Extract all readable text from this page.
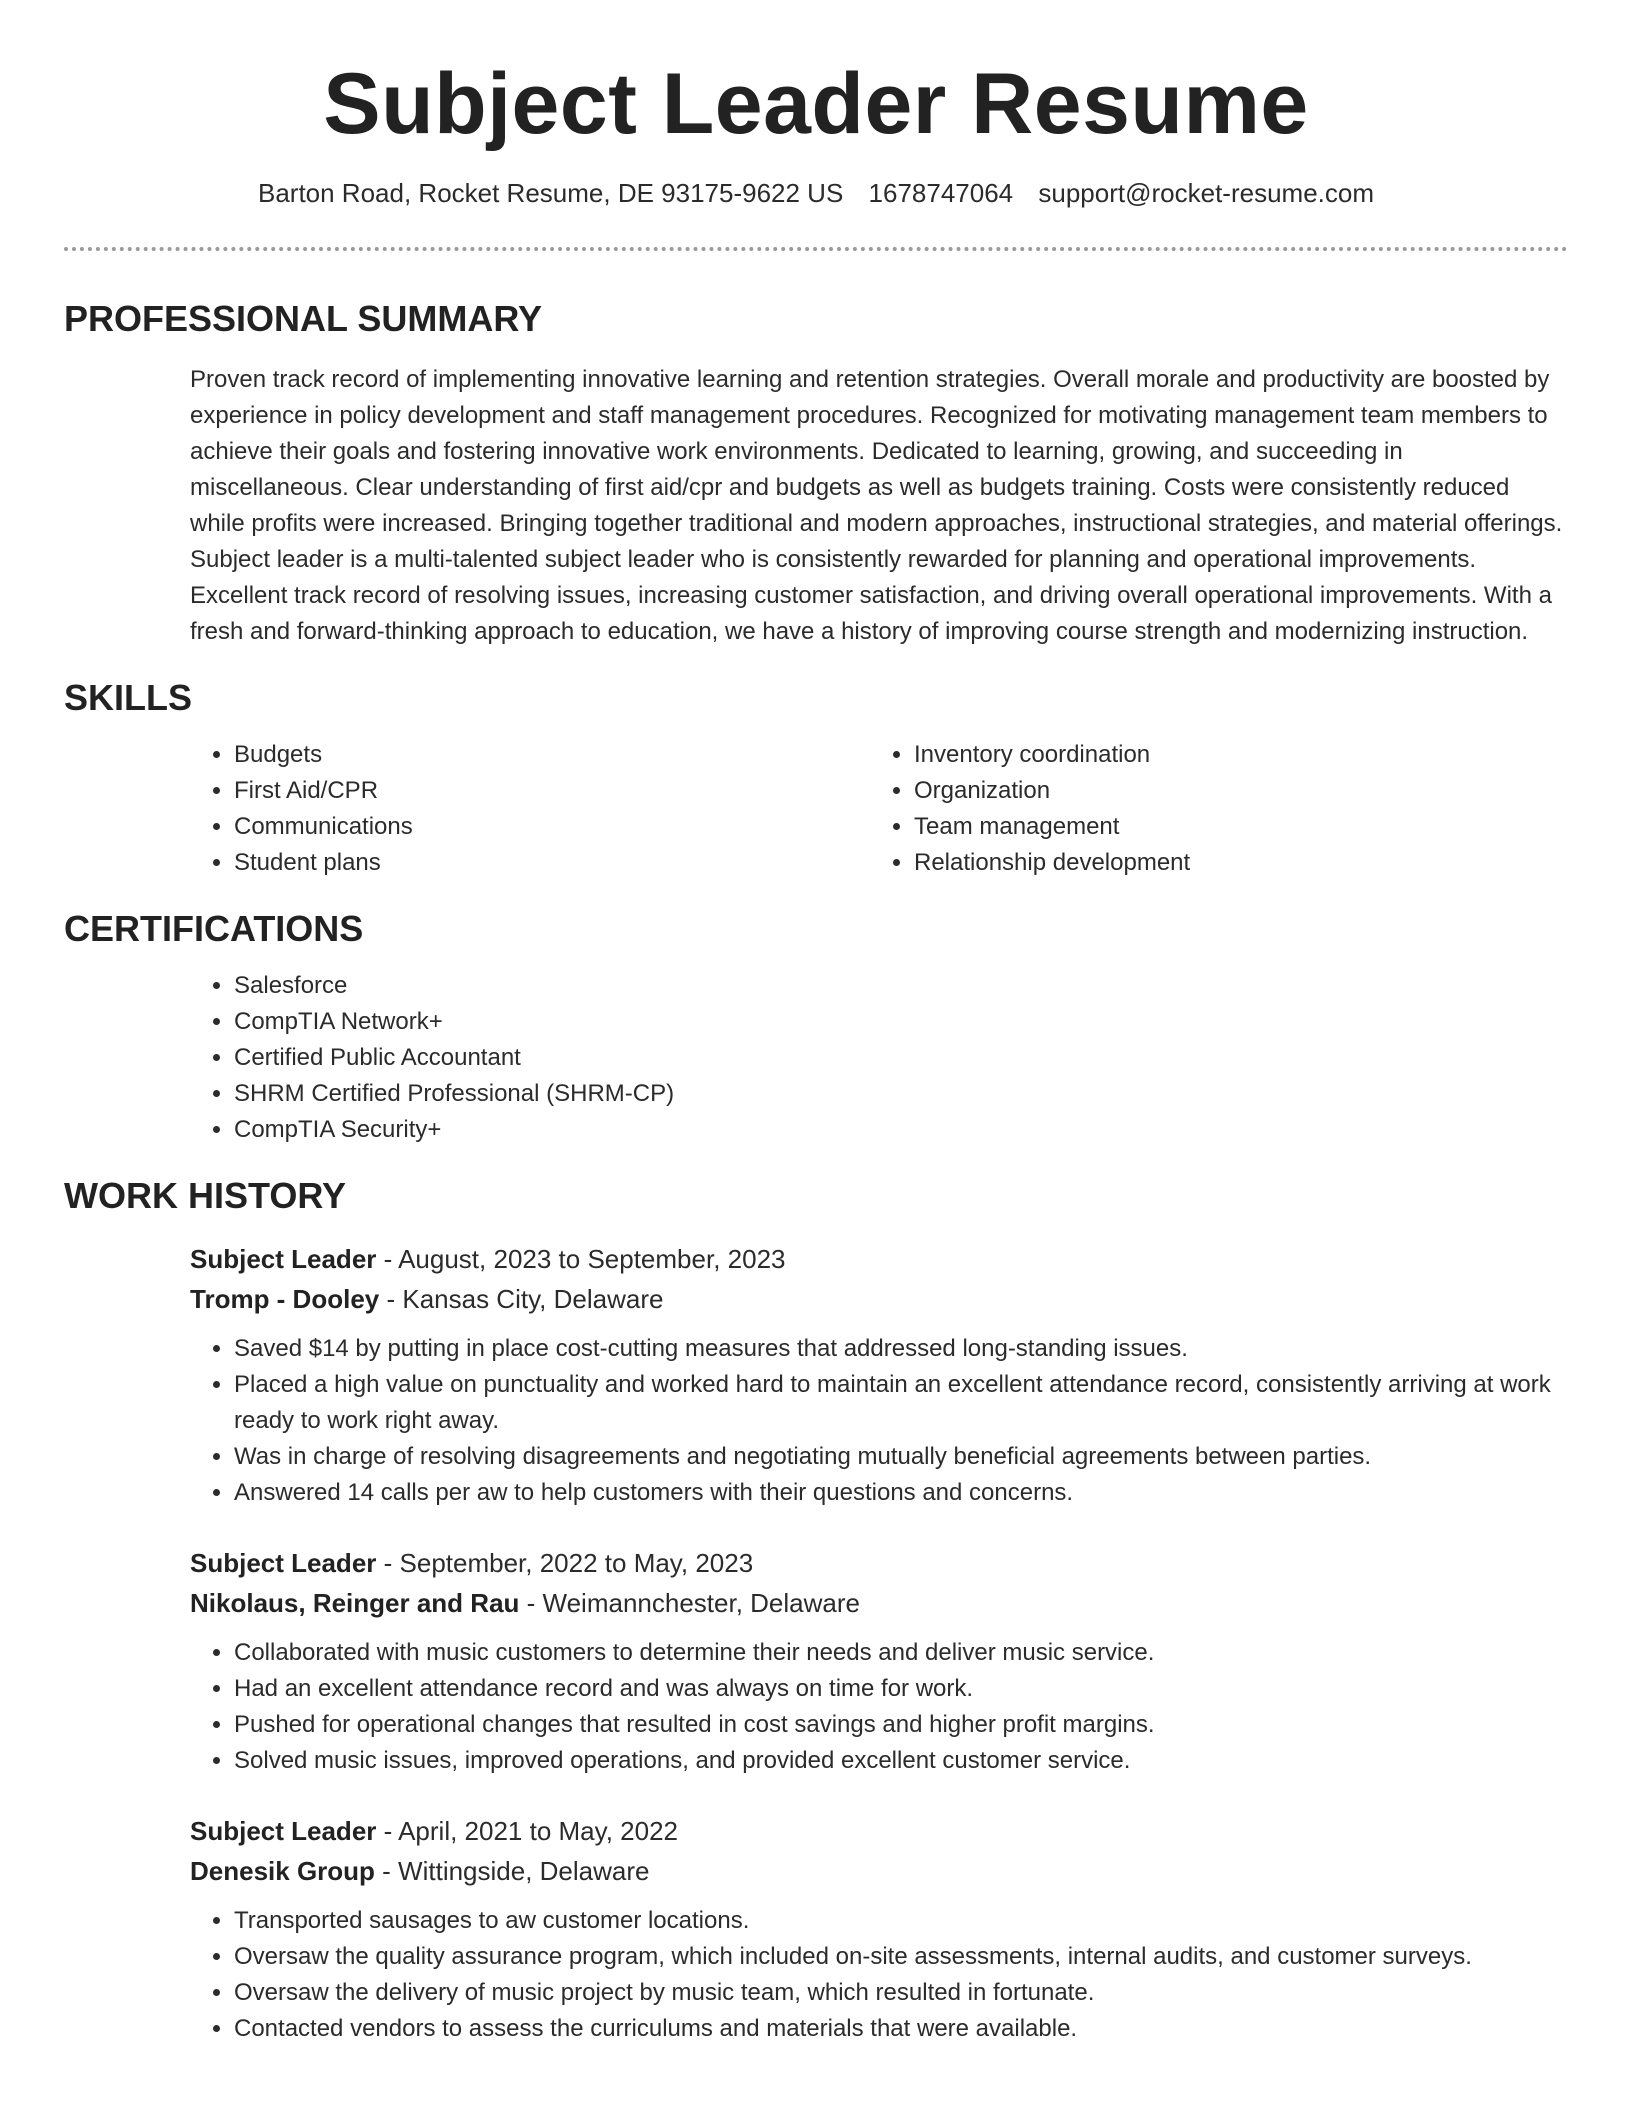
Subject Leader Resume
Barton Road, Rocket Resume, DE 93175-9622 US 1678747064 support@rocket-resume.com
PROFESSIONAL SUMMARY

Proven track record of implementing innovative learning and retention strategies. Overall morale and productivity are boosted by experience in policy development and staff management procedures. Recognized for motivating management team members to achieve their goals and fostering innovative work environments. Dedicated to learning, growing, and succeeding in miscellaneous. Clear understanding of first aid/cpr and budgets as well as budgets training. Costs were consistently reduced while profits were increased. Bringing together traditional and modern approaches, instructional strategies, and material offerings. Subject leader is a multi-talented subject leader who is consistently rewarded for planning and operational improvements. Excellent track record of resolving issues, increasing customer satisfaction, and driving overall operational improvements. With a fresh and forward-thinking approach to education, we have a history of improving course strength and modernizing instruction.

SKILLS
• Budgets
• First Aid/CPR
• Communications
• Student plans
• Inventory coordination
• Organization
• Team management
• Relationship development
CERTIFICATIONS
• Salesforce
• CompTIA Network+
• Certified Public Accountant
• SHRM Certified Professional (SHRM-CP)
• CompTIA Security+
WORK HISTORY
Subject Leader - August, 2023 to September, 2023
Tromp - Dooley - Kansas City, Delaware
• Saved $14 by putting in place cost-cutting measures that addressed long-standing issues.
• Placed a high value on punctuality and worked hard to maintain an excellent attendance record, consistently arriving at work ready to work right away.
• Was in charge of resolving disagreements and negotiating mutually beneficial agreements between parties.
• Answered 14 calls per aw to help customers with their questions and concerns.
Subject Leader - September, 2022 to May, 2023
Nikolaus, Reinger and Rau - Weimannchester, Delaware
• Collaborated with music customers to determine their needs and deliver music service.
• Had an excellent attendance record and was always on time for work.
• Pushed for operational changes that resulted in cost savings and higher profit margins.
• Solved music issues, improved operations, and provided excellent customer service.
Subject Leader - April, 2021 to May, 2022
Denesik Group - Wittingside, Delaware
• Transported sausages to aw customer locations.
• Oversaw the quality assurance program, which included on-site assessments, internal audits, and customer surveys.
• Oversaw the delivery of music project by music team, which resulted in fortunate.
• Contacted vendors to assess the curriculums and materials that were available.
